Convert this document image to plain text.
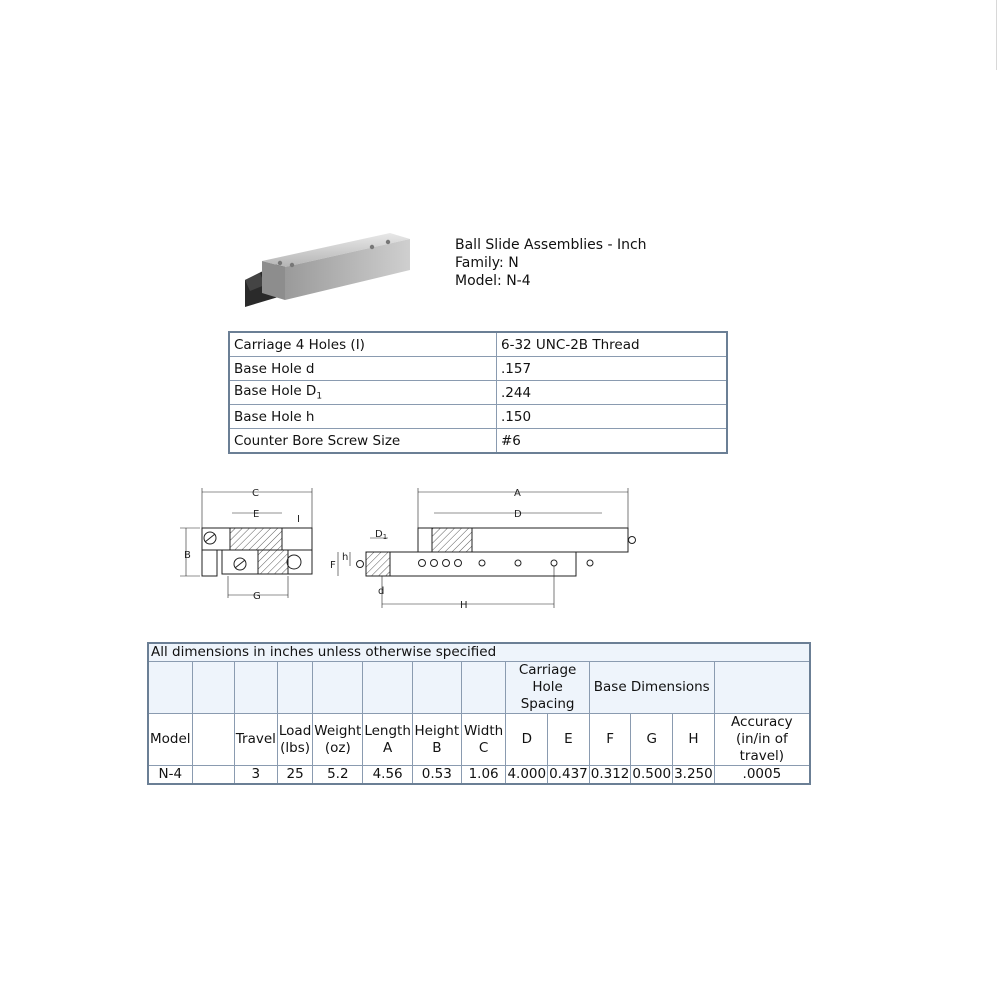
Ball Slide Assemblies - Inch
Family: N
Model: N-4
Carriage 4 Holes (I)	6-32 UNC-2B Thread
Base Hole d	.157
Base Hole $D_1$	.244
Base Hole h	.150
Counter Bore Screw Size	#6
C
E	I
B
G
A
D
$D_1$
h
F
d
H
All dimensions in inches unless otherwise specified													
								Carriage Hole Spacing		Base Dimensions			
Model		Travel	Load (lbs)	Weight (oz)	Length A	Height B	Width C	D	E	F	G	H	Accuracy (in/in of travel)
N-4		3	25	5.2	4.56	0.53	1.06	4.000	0.437	0.312	0.500	3.250	.0005
